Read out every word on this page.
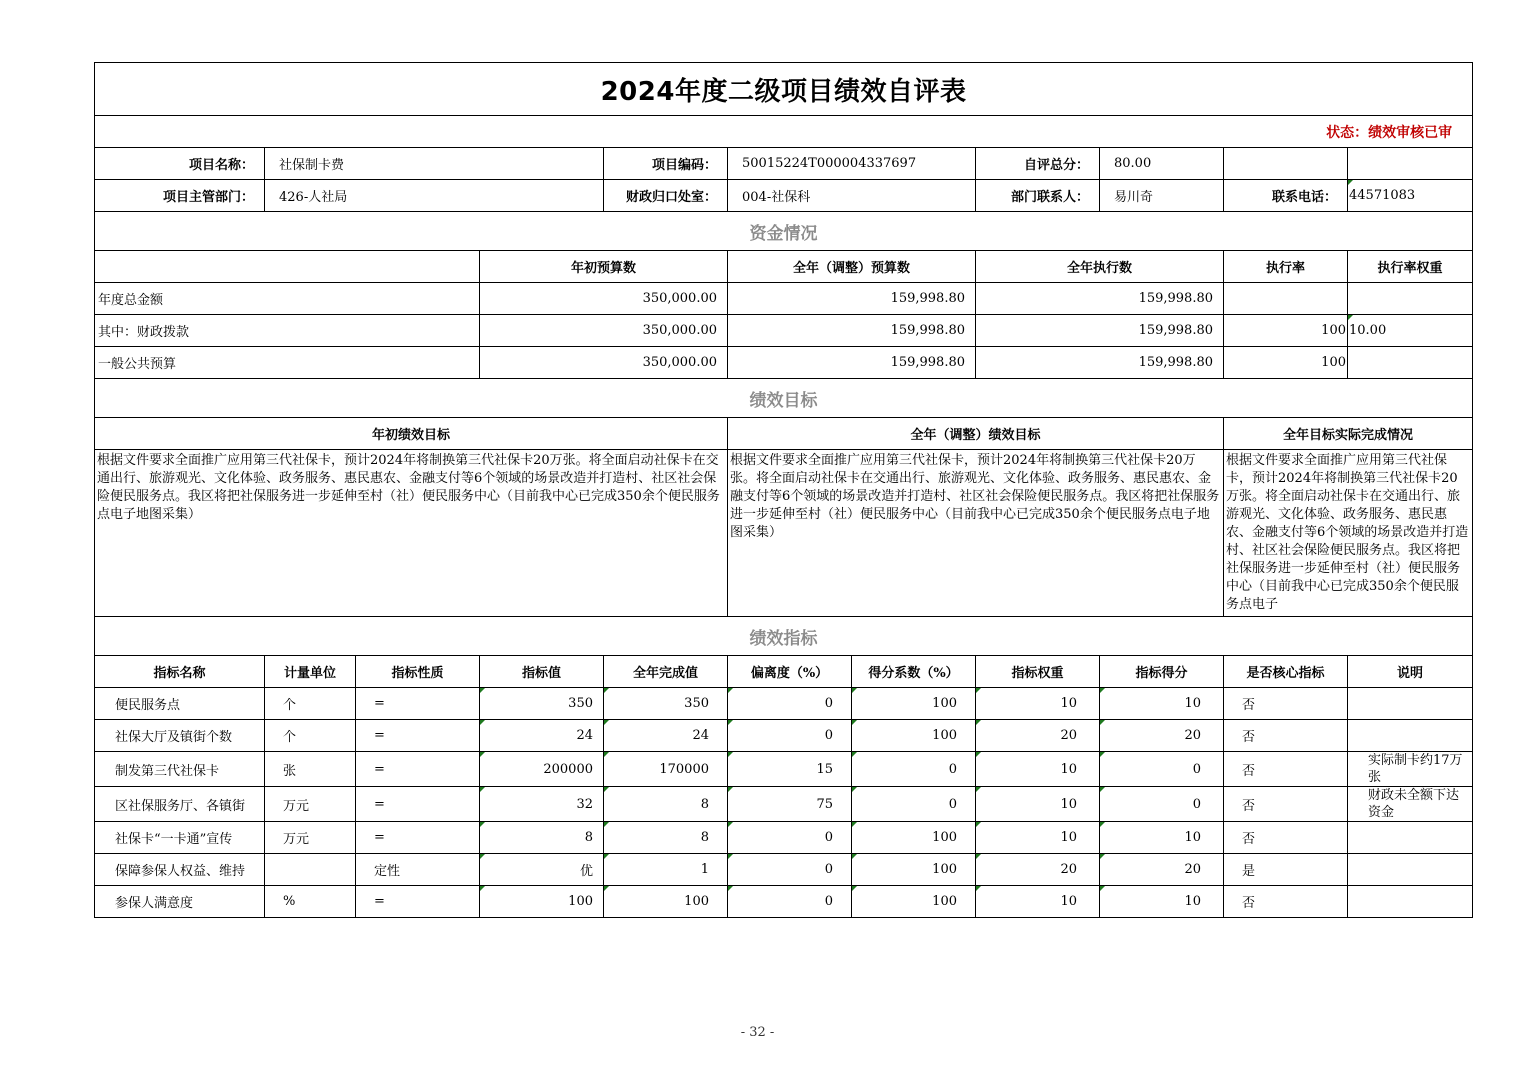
2024年度二级项目绩效自评表											
状态：绩效审核已审											
项目名称：	社保制卡费			项目编码：	50015224T000004337697		自评总分：	80.00			
项目主管部门：	426-人社局			财政归口处室：	004-社保科		部门联系人：	易川奇	联系电话：	44571083	
资金情况											
			年初预算数		全年（调整）预算数		全年执行数		执行率	执行率权重	
年度总金额			350,000.00		159,998.80		159,998.80				
其中：财政拨款			350,000.00		159,998.80		159,998.80		100	10.00	
一般公共预算			350,000.00		159,998.80		159,998.80		100		
绩效目标											
年初绩效目标					全年（调整）绩效目标				全年目标实际完成情况		
根据文件要求全面推广应用第三代社保卡，预计2024年将制换第三代社保卡20万张。将全面启动社保卡在交通出行、旅游观光、文化体验、政务服务、惠民惠农、金融支付等6个领域的场景改造并打造村、社区社会保险便民服务点。我区将把社保服务进一步延伸至村（社）便民服务中心（目前我中心已完成350余个便民服务点电子地图采集）					根据文件要求全面推广应用第三代社保卡，预计2024年将制换第三代社保卡20万张。将全面启动社保卡在交通出行、旅游观光、文化体验、政务服务、惠民惠农、金融支付等6个领域的场景改造并打造村、社区社会保险便民服务点。我区将把社保服务进一步延伸至村（社）便民服务中心（目前我中心已完成350余个便民服务点电子地图采集）				根据文件要求全面推广应用第三代社保卡，预计2024年将制换第三代社保卡20万张。将全面启动社保卡在交通出行、旅游观光、文化体验、政务服务、惠民惠农、金融支付等6个领域的场景改造并打造村、社区社会保险便民服务点。我区将把社保服务进一步延伸至村（社）便民服务中心（目前我中心已完成350余个便民服务点电子		
绩效指标											
指标名称	计量单位	指标性质	指标值	全年完成值	偏离度（%）	得分系数（%）	指标权重	指标得分	是否核心指标	说明	
便民服务点	个	=	350	350	0	100	10	10	否		
社保大厅及镇街个数	个	=	24	24	0	100	20	20	否		
制发第三代社保卡	张	=	200000	170000	15	0	10	0	否	实际制卡约17万张	
区社保服务厅、各镇街	万元	=	32	8	75	0	10	0	否	财政未全额下达资金	
社保卡“一卡通”宣传	万元	=	8	8	0	100	10	10	否		
保障参保人权益、维持		定性	优	1	0	100	20	20	是		
参保人满意度	%	=	100	100	0	100	10	10	否		
- 32 -
